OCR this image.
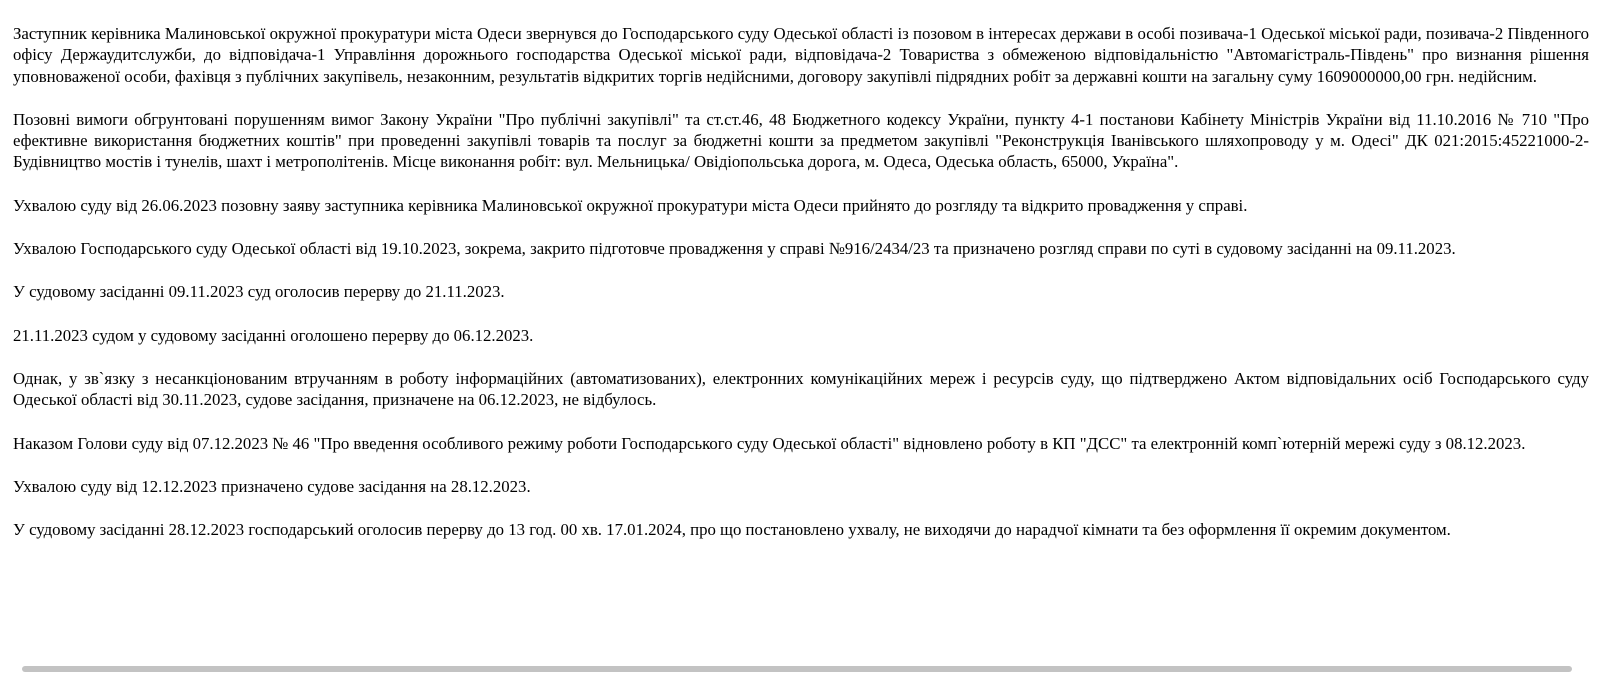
Заступник керівника Малиновської окружної прокуратури міста Одеси звернувся до Господарського суду Одеської області із позовом в інтересах держави в особі позивача-1 Одеської міської ради, позивача-2 Південного офісу Держаудитслужби, до відповідача-1 Управління дорожнього господарства Одеської міської ради, відповідача-2 Товариства з обмеженою відповідальністю "Автомагістраль-Південь" про визнання рішення уповноваженої особи, фахівця з публічних закупівель, незаконним, результатів відкритих торгів недійсними, договору закупівлі підрядних робіт за державні кошти на загальну суму 1609000000,00 грн. недійсним.

Позовні вимоги обгрунтовані порушенням вимог Закону України "Про публічні закупівлі" та ст.ст.46, 48 Бюджетного кодексу України, пункту 4-1 постанови Кабінету Міністрів України від 11.10.2016 № 710 "Про ефективне використання бюджетних коштів" при проведенні закупівлі товарів та послуг за бюджетні кошти за предметом закупівлі "Реконструкція Іванівського шляхопроводу у м. Одесі" ДК 021:2015:45221000-2-Будівництво мостів і тунелів, шахт і метрополітенів. Місце виконання робіт: вул. Мельницька/ Овідіопольська дорога, м. Одеса, Одеська область, 65000, Україна".

Ухвалою суду від 26.06.2023 позовну заяву заступника керівника Малиновської окружної прокуратури міста Одеси прийнято до розгляду та відкрито провадження у справі.

Ухвалою Господарського суду Одеської області від 19.10.2023, зокрема, закрито підготовче провадження у справі №916/2434/23 та призначено розгляд справи по суті в судовому засіданні на 09.11.2023.

У судовому засіданні 09.11.2023 суд оголосив перерву до 21.11.2023.

21.11.2023 судом у судовому засіданні оголошено перерву до 06.12.2023.

Однак, у зв`язку з несанкціонованим втручанням в роботу інформаційних (автоматизованих), електронних комунікаційних мереж і ресурсів суду, що підтверджено Актом відповідальних осіб Господарського суду Одеської області від 30.11.2023, судове засідання, призначене на 06.12.2023, не відбулось.

Наказом Голови суду від 07.12.2023 № 46 "Про введення особливого режиму роботи Господарського суду Одеської області" відновлено роботу в КП "ДСС" та електронній комп`ютерній мережі суду з 08.12.2023.

Ухвалою суду від 12.12.2023 призначено судове засідання на 28.12.2023.

У судовому засіданні 28.12.2023 господарський оголосив перерву до 13 год. 00 хв. 17.01.2024, про що постановлено ухвалу, не виходячи до нарадчої кімнати та без оформлення її окремим документом.
